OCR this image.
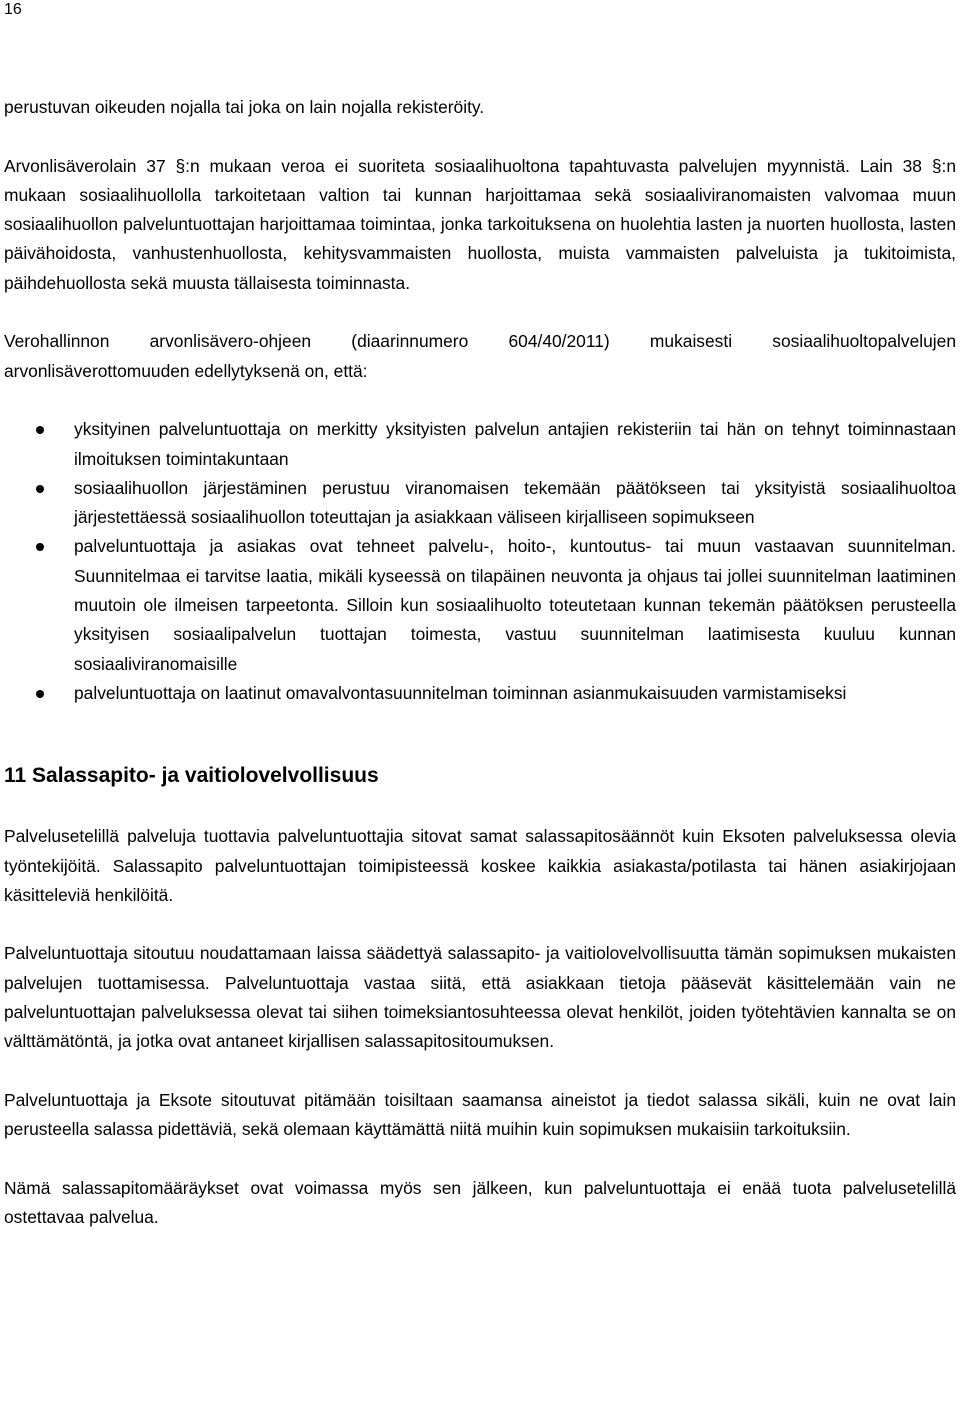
16

perustuvan oikeuden nojalla tai joka on lain nojalla rekisteröity.

Arvonlisäverolain 37 §:n mukaan veroa ei suoriteta sosiaalihuoltona tapahtuvasta palvelujen myynnistä. Lain 38 §:n mukaan sosiaalihuollolla tarkoitetaan valtion tai kunnan harjoittamaa sekä sosiaaliviranomaisten valvomaa muun sosiaalihuollon palveluntuottajan harjoittamaa toimintaa, jonka tarkoituksena on huolehtia lasten ja nuorten huollosta, lasten päivähoidosta, vanhustenhuollosta, kehitysvammaisten huollosta, muista vammaisten palveluista ja tukitoimista, päihdehuollosta sekä muusta tällaisesta toiminnasta.

Verohallinnon arvonlisävero-ohjeen (diaarinnumero 604/40/2011) mukaisesti sosiaalihuoltopalvelujen arvonlisäverottomuuden edellytyksenä on, että:

yksityinen palveluntuottaja on merkitty yksityisten palvelun antajien rekisteriin tai hän on tehnyt toiminnastaan ilmoituksen toimintakuntaan
sosiaalihuollon järjestäminen perustuu viranomaisen tekemään päätökseen tai yksityistä sosiaalihuoltoa järjestettäessä sosiaalihuollon toteuttajan ja asiakkaan väliseen kirjalliseen sopimukseen
palveluntuottaja ja asiakas ovat tehneet palvelu-, hoito-, kuntoutus- tai muun vastaavan suunnitelman. Suunnitelmaa ei tarvitse laatia, mikäli kyseessä on tilapäinen neuvonta ja ohjaus tai jollei suunnitelman laatiminen muutoin ole ilmeisen tarpeetonta. Silloin kun sosiaalihuolto toteutetaan kunnan tekemän päätöksen perusteella yksityisen sosiaalipalvelun tuottajan toimesta, vastuu suunnitelman laatimisesta kuuluu kunnan sosiaaliviranomaisille
palveluntuottaja on laatinut omavalvontasuunnitelman toiminnan asianmukaisuuden varmistamiseksi
11 Salassapito- ja vaitiolovelvollisuus

Palvelusetelillä palveluja tuottavia palveluntuottajia sitovat samat salassapitosäännöt kuin Eksoten palveluksessa olevia työntekijöitä. Salassapito palveluntuottajan toimipisteessä koskee kaikkia asiakasta/potilasta tai hänen asiakirjojaan käsitteleviä henkilöitä.

Palveluntuottaja sitoutuu noudattamaan laissa säädettyä salassapito- ja vaitiolovelvollisuutta tämän sopimuksen mukaisten palvelujen tuottamisessa. Palveluntuottaja vastaa siitä, että asiakkaan tietoja pääsevät käsittelemään vain ne palveluntuottajan palveluksessa olevat tai siihen toimeksiantosuhteessa olevat henkilöt, joiden työtehtävien kannalta se on välttämätöntä, ja jotka ovat antaneet kirjallisen salassapitositoumuksen.

Palveluntuottaja ja Eksote sitoutuvat pitämään toisiltaan saamansa aineistot ja tiedot salassa sikäli, kuin ne ovat lain perusteella salassa pidettäviä, sekä olemaan käyttämättä niitä muihin kuin sopimuksen mukaisiin tarkoituksiin.

Nämä salassapitomääräykset ovat voimassa myös sen jälkeen, kun palveluntuottaja ei enää tuota palvelusetelillä ostettavaa palvelua.
